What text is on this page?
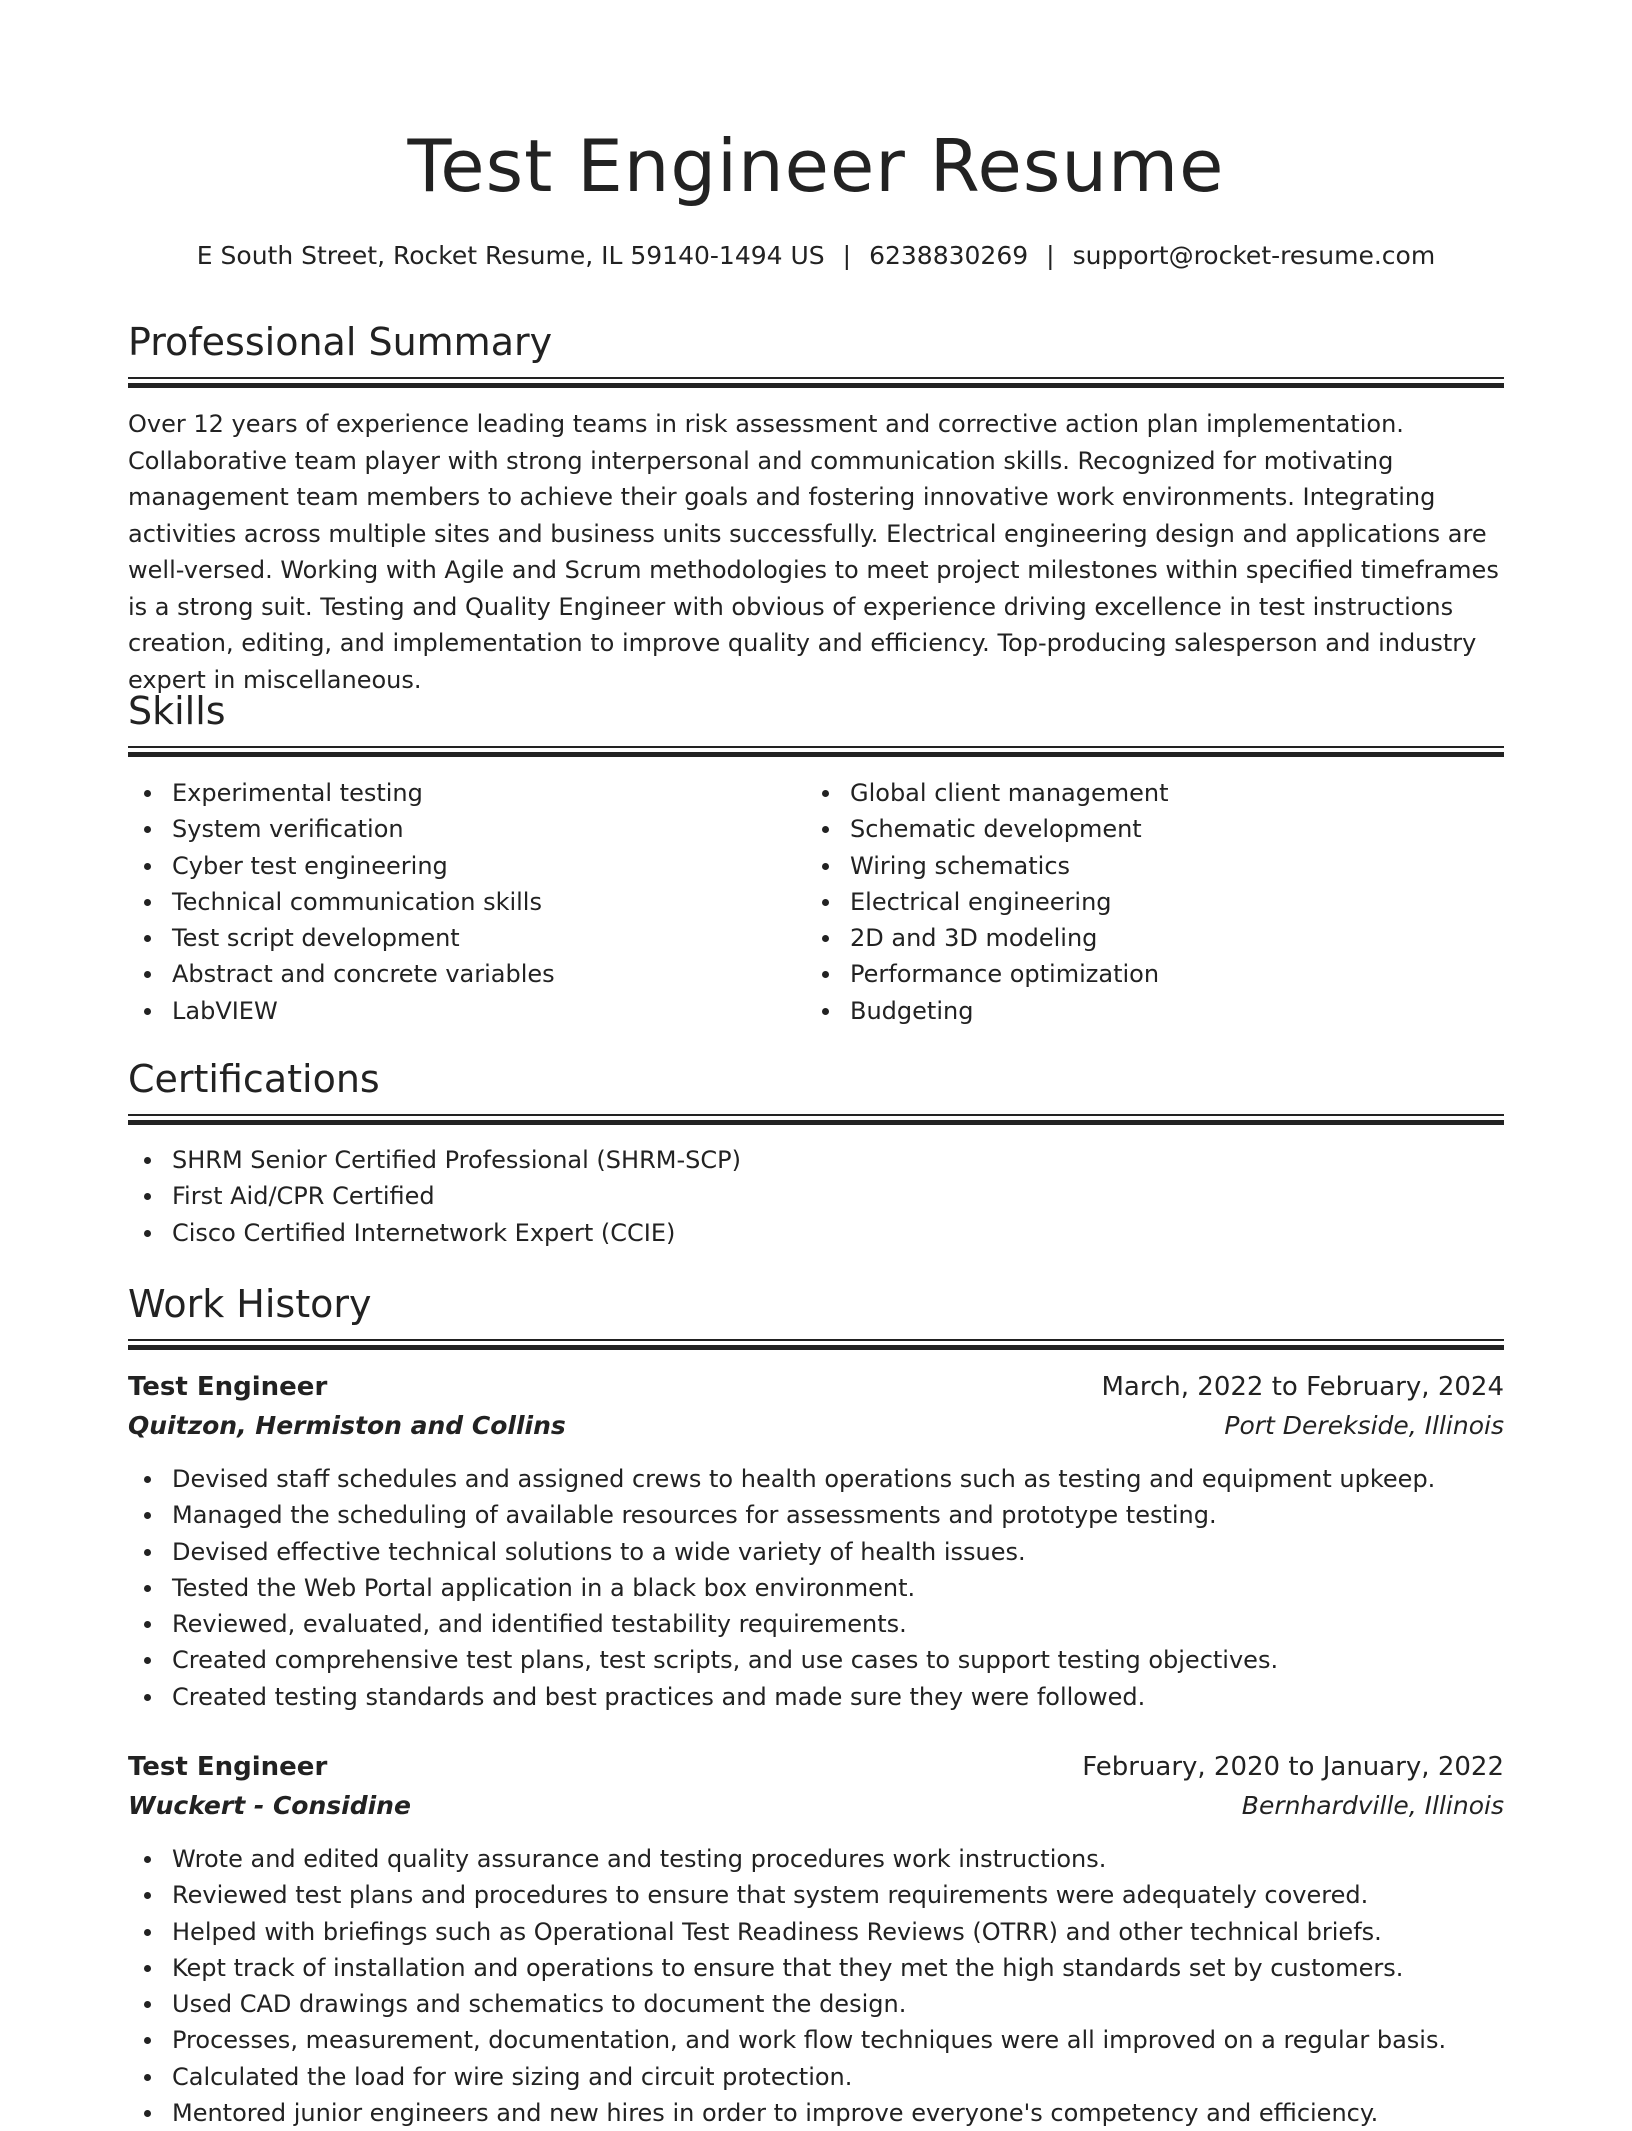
Test Engineer Resume
E South Street, Rocket Resume, IL 59140-1494 US | 6238830269 | support@rocket-resume.com
Professional Summary

Over 12 years of experience leading teams in risk assessment and corrective action plan implementation. Collaborative team player with strong interpersonal and communication skills. Recognized for motivating management team members to achieve their goals and fostering innovative work environments. Integrating activities across multiple sites and business units successfully. Electrical engineering design and applications are well-versed. Working with Agile and Scrum methodologies to meet project milestones within specified timeframes is a strong suit. Testing and Quality Engineer with obvious of experience driving excellence in test instructions creation, editing, and implementation to improve quality and efficiency. Top-producing salesperson and industry expert in miscellaneous.

Skills
Experimental testing
System verification
Cyber test engineering
Technical communication skills
Test script development
Abstract and concrete variables
LabVIEW
Global client management
Schematic development
Wiring schematics
Electrical engineering
2D and 3D modeling
Performance optimization
Budgeting
Certifications
SHRM Senior Certified Professional (SHRM-SCP)
First Aid/CPR Certified
Cisco Certified Internetwork Expert (CCIE)
Work History
Test Engineer	March, 2022 to February, 2024
Quitzon, Hermiston and Collins	Port Derekside, Illinois
Devised staff schedules and assigned crews to health operations such as testing and equipment upkeep.
Managed the scheduling of available resources for assessments and prototype testing.
Devised effective technical solutions to a wide variety of health issues.
Tested the Web Portal application in a black box environment.
Reviewed, evaluated, and identified testability requirements.
Created comprehensive test plans, test scripts, and use cases to support testing objectives.
Created testing standards and best practices and made sure they were followed.
Test Engineer	February, 2020 to January, 2022
Wuckert - Considine	Bernhardville, Illinois
Wrote and edited quality assurance and testing procedures work instructions.
Reviewed test plans and procedures to ensure that system requirements were adequately covered.
Helped with briefings such as Operational Test Readiness Reviews (OTRR) and other technical briefs.
Kept track of installation and operations to ensure that they met the high standards set by customers.
Used CAD drawings and schematics to document the design.
Processes, measurement, documentation, and work flow techniques were all improved on a regular basis.
Calculated the load for wire sizing and circuit protection.
Mentored junior engineers and new hires in order to improve everyone's competency and efficiency.
